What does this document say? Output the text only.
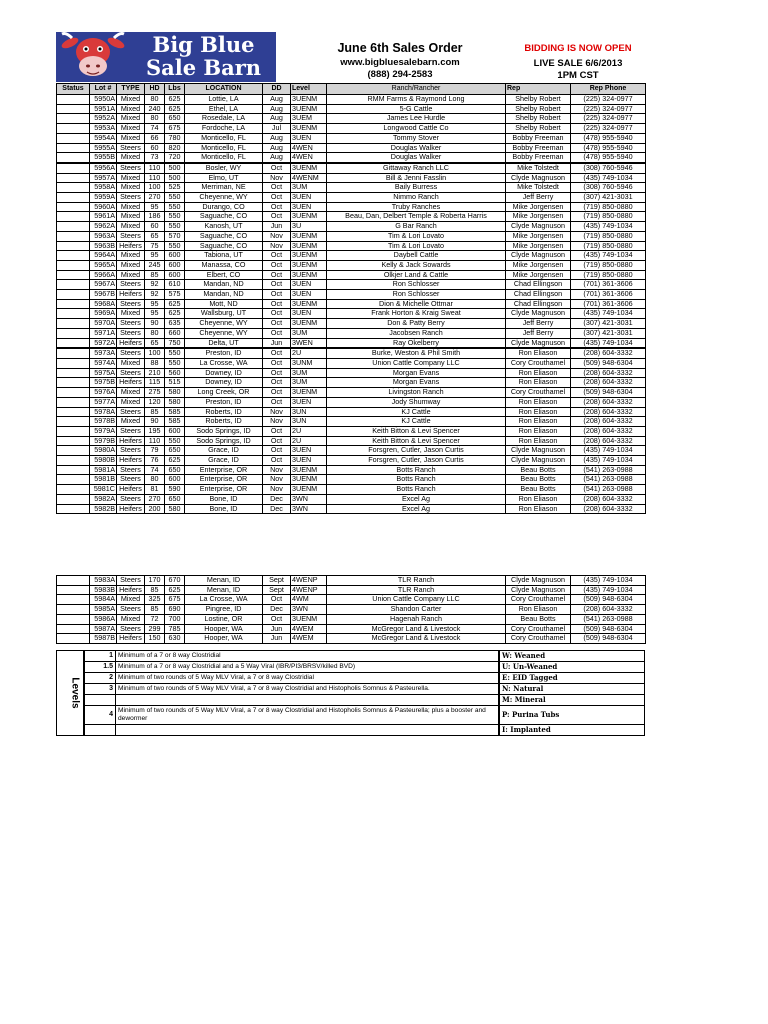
Big Blue
Sale Barn
June 6th Sales Order
www.bigbluesalebarn.com
(888) 294-2583
BIDDING IS NOW OPEN
LIVE SALE 6/6/2013
1PM CST
Status	Lot #	TYPE	HD	Lbs	LOCATION	DD	Level	Ranch/Rancher	Rep	Rep Phone
	5950A	Mixed	80	625	Lottie, LA	Aug	3UENM	RMM Farms & Raymond Long	Shelby Robert	(225) 324-0977
	5951A	Mixed	240	625	Ethel, LA	Aug	3UENM	5-G Cattle	Shelby Robert	(225) 324-0977
	5952A	Mixed	80	650	Rosedale, LA	Aug	3UEM	James Lee Hurdle	Shelby Robert	(225) 324-0977
	5953A	Mixed	74	675	Fordoche, LA	Jul	3UENM	Longwood Cattle Co	Shelby Robert	(225) 324-0977
	5954A	Mixed	66	780	Monticello, FL	Aug	3UEN	Tommy Stover	Bobby Freeman	(478) 955-5940
	5955A	Steers	60	820	Monticello, FL	Aug	4WEN	Douglas Walker	Bobby Freeman	(478) 955-5940
	5955B	Mixed	73	720	Monticello, FL	Aug	4WEN	Douglas Walker	Bobby Freeman	(478) 955-5940
	5956A	Steers	110	500	Bosler, WY	Oct	3UENM	Gittaway Ranch LLC	Mike Tolstedt	(308) 760-5946
	5957A	Mixed	110	500	Elmo, UT	Nov	4WENM	Bill & Jenni Fasslin	Clyde Magnuson	(435) 749-1034
	5958A	Mixed	100	525	Merriman, NE	Oct	3UM	Baily Burress	Mike Tolstedt	(308) 760-5946
	5959A	Steers	270	550	Cheyenne, WY	Oct	3UEN	Nimmo Ranch	Jeff Berry	(307) 421-3031
	5960A	Mixed	95	550	Durango, CO	Oct	3UEN	Truby Ranches	Mike Jorgensen	(719) 850-0880
	5961A	Mixed	186	550	Saguache, CO	Oct	3UENM	Beau, Dan, Delbert Temple & Roberta Harris	Mike Jorgensen	(719) 850-0880
	5962A	Mixed	60	550	Kanosh, UT	Jun	3U	G Bar Ranch	Clyde Magnuson	(435) 749-1034
	5963A	Steers	65	570	Saguache, CO	Nov	3UENM	Tim & Lori Lovato	Mike Jorgensen	(719) 850-0880
	5963B	Heifers	75	550	Saguache, CO	Nov	3UENM	Tim & Lori Lovato	Mike Jorgensen	(719) 850-0880
	5964A	Mixed	95	600	Tabiona, UT	Oct	3UENM	Daybell Cattle	Clyde Magnuson	(435) 749-1034
	5965A	Mixed	245	600	Manassa, CO	Oct	3UENM	Kelly & Jack Sowards	Mike Jorgensen	(719) 850-0880
	5966A	Mixed	85	600	Elbert, CO	Oct	3UENM	Olkjer Land & Cattle	Mike Jorgensen	(719) 850-0880
	5967A	Steers	92	610	Mandan, ND	Oct	3UEN	Ron Schlosser	Chad Ellingson	(701) 361-3606
	5967B	Heifers	92	575	Mandan, ND	Oct	3UEN	Ron Schlosser	Chad Ellingson	(701) 361-3606
	5968A	Steers	95	625	Mott, ND	Oct	3UENM	Dion & Michelle Ottmar	Chad Ellingson	(701) 361-3606
	5969A	Mixed	95	625	Wallsburg, UT	Oct	3UEN	Frank Horton & Kraig Sweat	Clyde Magnuson	(435) 749-1034
	5970A	Steers	90	635	Cheyenne, WY	Oct	3UENM	Don & Patty Berry	Jeff Berry	(307) 421-3031
	5971A	Steers	80	660	Cheyenne, WY	Oct	3UM	Jacobsen Ranch	Jeff Berry	(307) 421-3031
	5972A	Heifers	65	750	Delta, UT	Jun	3WEN	Ray Okelberry	Clyde Magnuson	(435) 749-1034
	5973A	Steers	100	550	Preston, ID	Oct	2U	Burke, Weston & Phil Smith	Ron Eliason	(208) 604-3332
	5974A	Mixed	88	550	La Crosse, WA	Oct	3UNM	Union Cattle Company LLC	Cory Crouthamel	(509) 948-6304
	5975A	Steers	210	560	Downey, ID	Oct	3UM	Morgan Evans	Ron Eliason	(208) 604-3332
	5975B	Heifers	115	515	Downey, ID	Oct	3UM	Morgan Evans	Ron Eliason	(208) 604-3332
	5976A	Mixed	275	580	Long Creek, OR	Oct	3UENM	Livingston Ranch	Cory Crouthamel	(509) 948-6304
	5977A	Mixed	120	580	Preston, ID	Oct	3UEN	Jody Shumway	Ron Eliason	(208) 604-3332
	5978A	Steers	85	585	Roberts, ID	Nov	3UN	KJ Cattle	Ron Eliason	(208) 604-3332
	5978B	Mixed	90	585	Roberts, ID	Nov	3UN	KJ Cattle	Ron Eliason	(208) 604-3332
	5979A	Steers	195	600	Sodo Springs, ID	Oct	2U	Keith Bitton & Levi Spencer	Ron Eliason	(208) 604-3332
	5979B	Heifers	110	550	Sodo Springs, ID	Oct	2U	Keith Bitton & Levi Spencer	Ron Eliason	(208) 604-3332
	5980A	Steers	79	650	Grace, ID	Oct	3UEN	Forsgren, Cutler, Jason Curtis	Clyde Magnuson	(435) 749-1034
	5980B	Heifers	76	625	Grace, ID	Oct	3UEN	Forsgren, Cutler, Jason Curtis	Clyde Magnuson	(435) 749-1034
	5981A	Steers	74	650	Enterprise, OR	Nov	3UENM	Botts Ranch	Beau Botts	(541) 263-0988
	5981B	Steers	80	600	Enterprise, OR	Nov	3UENM	Botts Ranch	Beau Botts	(541) 263-0988
	5981C	Heifers	81	590	Enterprise, OR	Nov	3UENM	Botts Ranch	Beau Botts	(541) 263-0988
	5982A	Steers	270	650	Bone, ID	Dec	3WN	Excel Ag	Ron Eliason	(208) 604-3332
	5982B	Heifers	200	580	Bone, ID	Dec	3WN	Excel Ag	Ron Eliason	(208) 604-3332
	5983A	Steers	170	670	Menan, ID	Sept	4WENP	TLR Ranch	Clyde Magnuson	(435) 749-1034
	5983B	Heifers	85	625	Menan, ID	Sept	4WENP	TLR Ranch	Clyde Magnuson	(435) 749-1034
	5984A	Mixed	325	675	La Crosse, WA	Oct	4WM	Union Cattle Company LLC	Cory Crouthamel	(509) 948-6304
	5985A	Steers	85	690	Pingree, ID	Dec	3WN	Shandon Carter	Ron Eliason	(208) 604-3332
	5986A	Mixed	72	700	Lostine, OR	Oct	3UENM	Hagenah Ranch	Beau Botts	(541) 263-0988
	5987A	Steers	299	785	Hooper, WA	Jun	4WEM	McGregor Land & Livestock	Cory Crouthamel	(509) 948-6304
	5987B	Heifers	150	630	Hooper, WA	Jun	4WEM	McGregor Land & Livestock	Cory Crouthamel	(509) 948-6304
Levels	1	Minimum of a 7 or 8 way Clostridial	W: Weaned
	1.5	Minimum of a 7 or 8 way Clostridial and a 5 Way Viral (IBR/PI3/BRSV/killed BVD)	U: Un-Weaned
	2	Minimum of two rounds of 5 Way MLV Viral, a 7 or 8 way Clostridial	E: EID Tagged
	3	Minimum of two rounds of 5 Way MLV Viral, a 7 or 8 way Clostridial and Histopholis Somnus & Pasteurella.	N: Natural
			M: Mineral
	4	Minimum of two rounds of 5 Way MLV Viral, a 7 or 8 way Clostridial and Histopholis Somnus & Pasteurella; plus a booster and dewormer	P: Purina Tubs
			I: Implanted
